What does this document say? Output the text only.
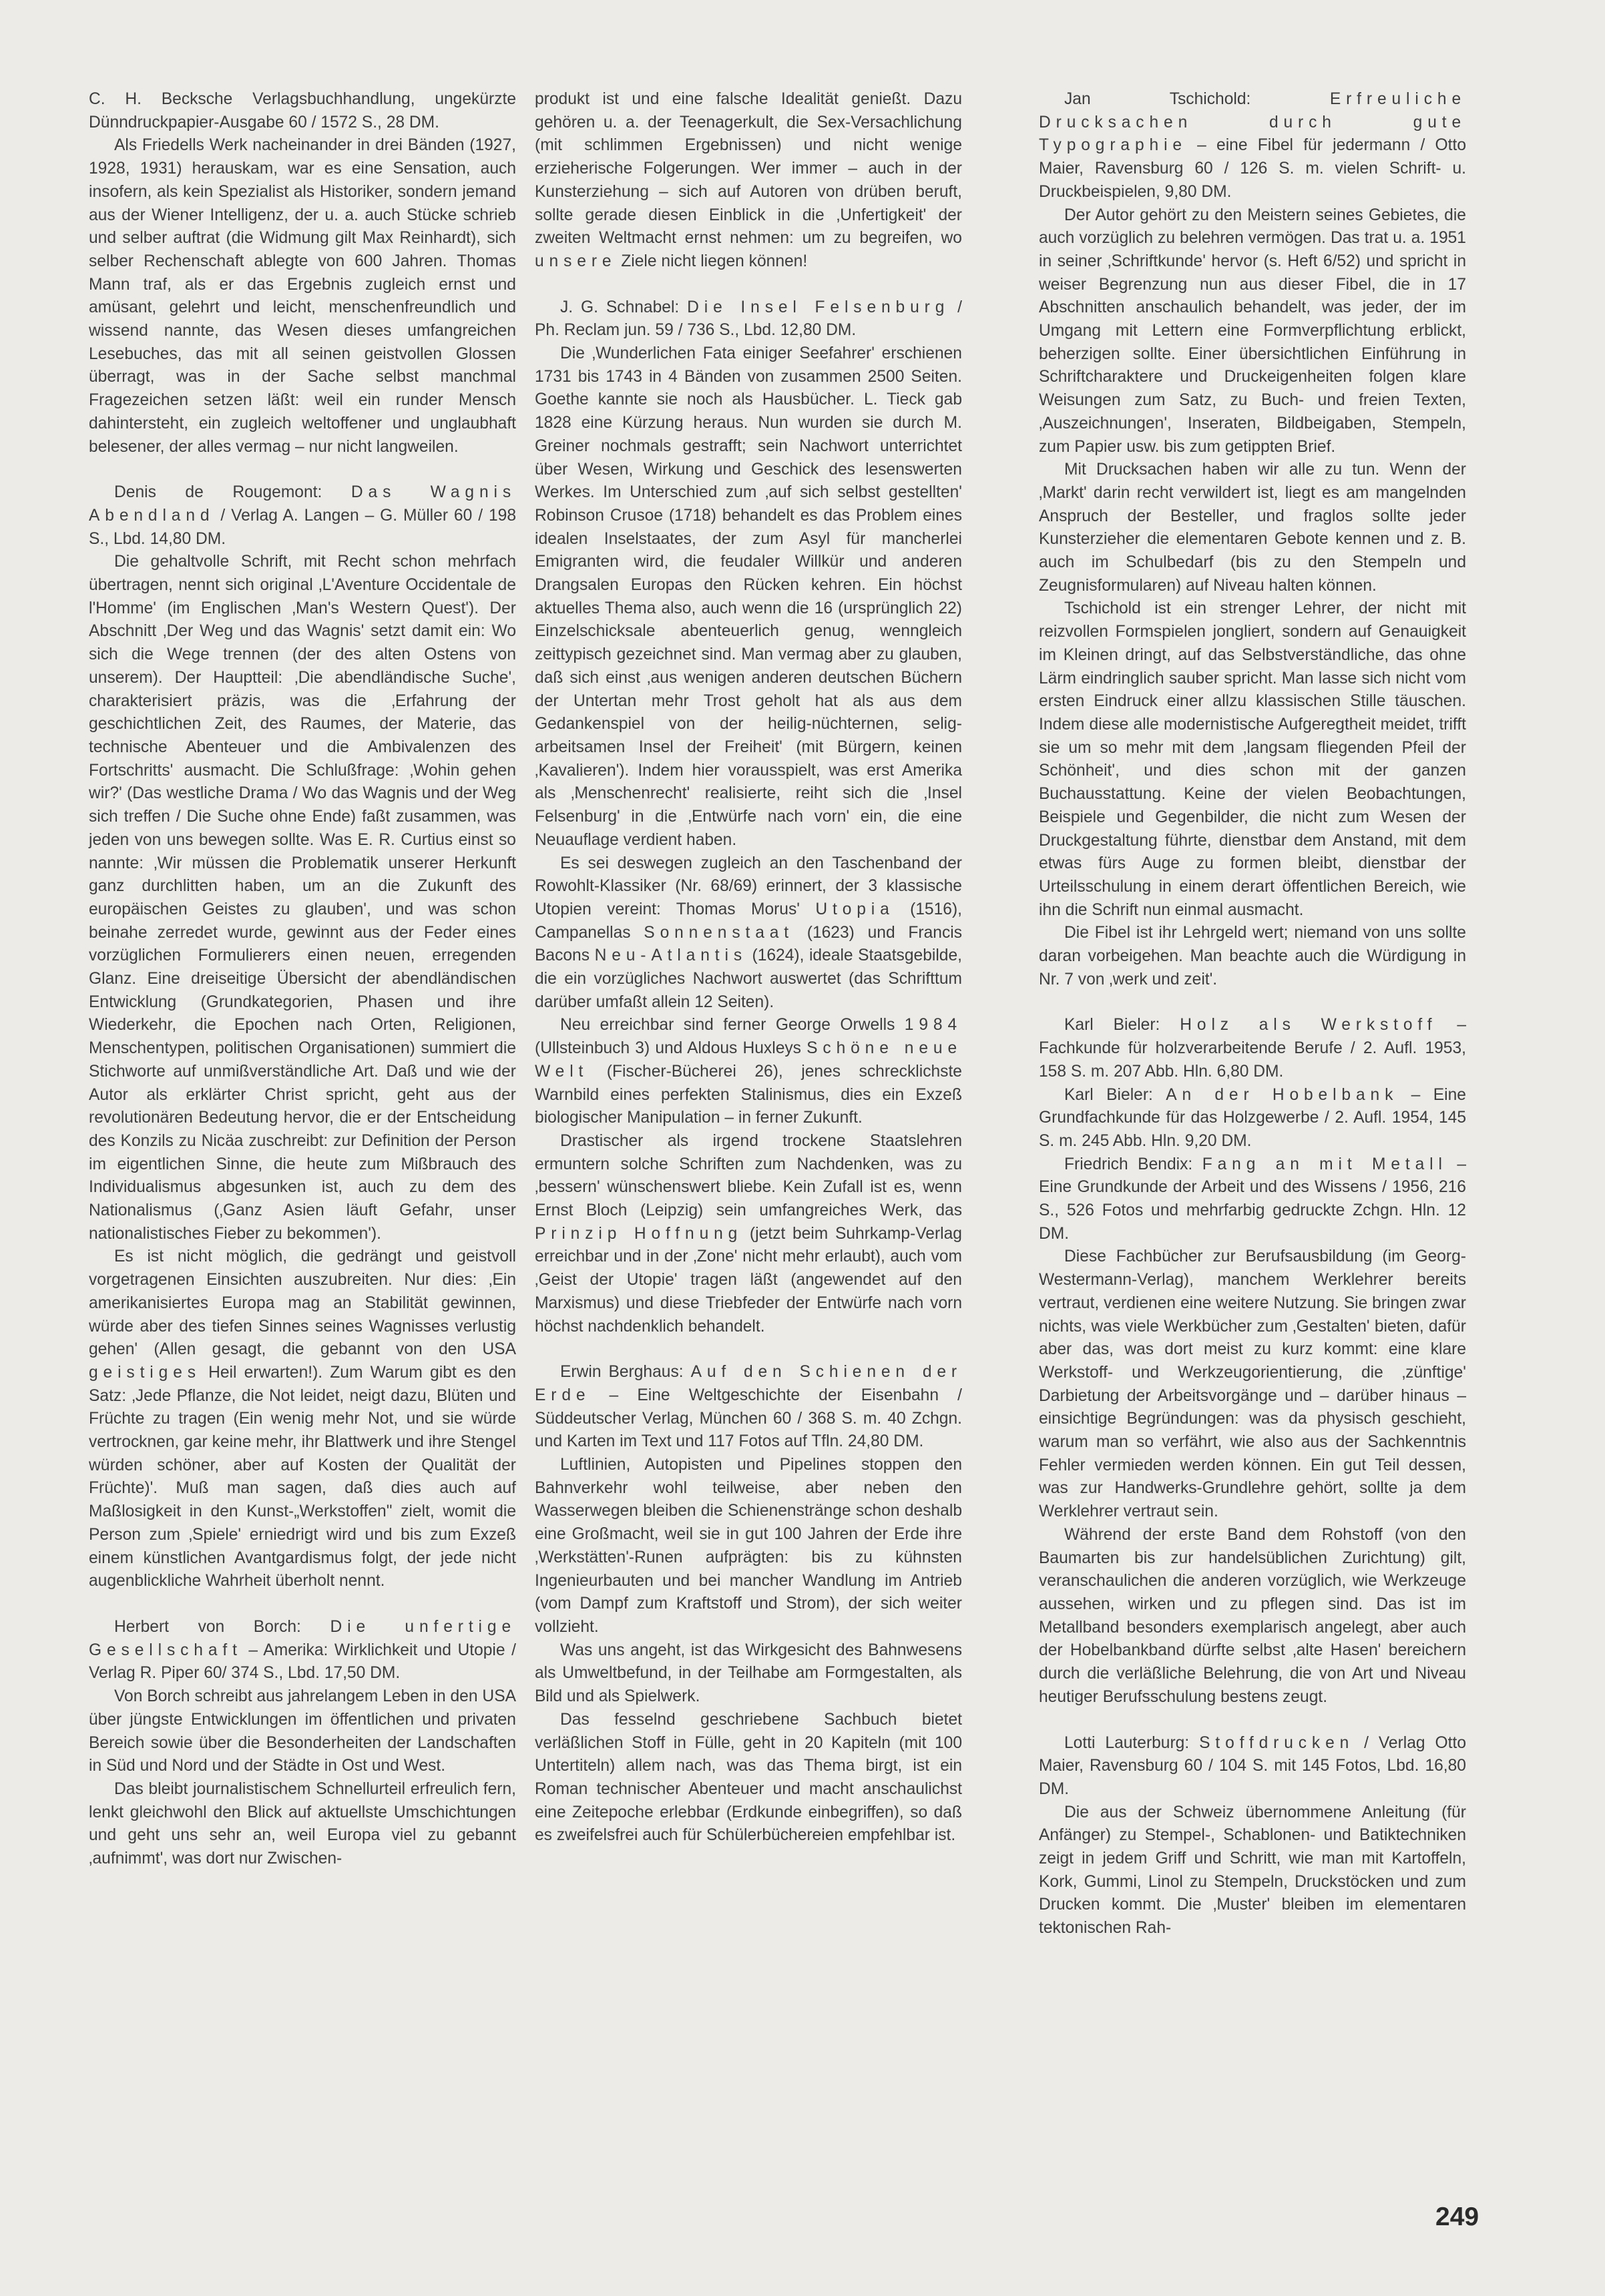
C. H. Becksche Verlagsbuchhandlung, ungekürzte Dünndruckpapier-Ausgabe 60 / 1572 S., 28 DM.

Als Friedells Werk nacheinander in drei Bänden (1927, 1928, 1931) herauskam, war es eine Sensation, auch insofern, als kein Spezialist als Historiker, sondern jemand aus der Wiener Intelligenz, der u. a. auch Stücke schrieb und selber auftrat (die Widmung gilt Max Reinhardt), sich selber Rechenschaft ablegte von 600 Jahren. Thomas Mann traf, als er das Ergebnis zugleich ernst und amüsant, gelehrt und leicht, menschenfreundlich und wissend nannte, das Wesen dieses umfangreichen Lesebuches, das mit all seinen geistvollen Glossen überragt, was in der Sache selbst manchmal Fragezeichen setzen läßt: weil ein runder Mensch dahintersteht, ein zugleich weltoffener und unglaubhaft belesener, der alles vermag – nur nicht langweilen.

Denis de Rougemont: Das Wagnis Abendland / Verlag A. Langen – G. Müller 60 / 198 S., Lbd. 14,80 DM.

Die gehaltvolle Schrift, mit Recht schon mehrfach übertragen, nennt sich original ‚L'Aventure Occidentale de l'Homme' (im Englischen ‚Man's Western Quest'). Der Abschnitt ‚Der Weg und das Wagnis' setzt damit ein: Wo sich die Wege trennen (der des alten Ostens von unserem). Der Hauptteil: ‚Die abendländische Suche', charakterisiert präzis, was die ‚Erfahrung der geschichtlichen Zeit, des Raumes, der Materie, das technische Abenteuer und die Ambivalenzen des Fortschritts' ausmacht. Die Schlußfrage: ‚Wohin gehen wir?' (Das westliche Drama / Wo das Wagnis und der Weg sich treffen / Die Suche ohne Ende) faßt zusammen, was jeden von uns bewegen sollte. Was E. R. Curtius einst so nannte: ‚Wir müssen die Problematik unserer Herkunft ganz durchlitten haben, um an die Zukunft des europäischen Geistes zu glauben', und was schon beinahe zerredet wurde, gewinnt aus der Feder eines vorzüglichen Formulierers einen neuen, erregenden Glanz. Eine dreiseitige Übersicht der abendländischen Entwicklung (Grundkategorien, Phasen und ihre Wiederkehr, die Epochen nach Orten, Religionen, Menschentypen, politischen Organisationen) summiert die Stichworte auf unmißverständliche Art. Daß und wie der Autor als erklärter Christ spricht, geht aus der revolutionären Bedeutung hervor, die er der Entscheidung des Konzils zu Nicäa zuschreibt: zur Definition der Person im eigentlichen Sinne, die heute zum Mißbrauch des Individualismus abgesunken ist, auch zu dem des Nationalismus (‚Ganz Asien läuft Gefahr, unser nationalistisches Fieber zu bekommen').

Es ist nicht möglich, die gedrängt und geistvoll vorgetragenen Einsichten auszubreiten. Nur dies: ‚Ein amerikanisiertes Europa mag an Stabilität gewinnen, würde aber des tiefen Sinnes seines Wagnisses verlustig gehen' (Allen gesagt, die gebannt von den USA geistiges Heil erwarten!). Zum Warum gibt es den Satz: ‚Jede Pflanze, die Not leidet, neigt dazu, Blüten und Früchte zu tragen (Ein wenig mehr Not, und sie würde vertrocknen, gar keine mehr, ihr Blattwerk und ihre Stengel würden schöner, aber auf Kosten der Qualität der Früchte)'. Muß man sagen, daß dies auch auf Maßlosigkeit in den Kunst-„Werkstoffen" zielt, womit die Person zum ‚Spiele' erniedrigt wird und bis zum Exzeß einem künstlichen Avantgardismus folgt, der jede nicht augenblickliche Wahrheit überholt nennt.

Herbert von Borch: Die unfertige Gesellschaft – Amerika: Wirklichkeit und Utopie / Verlag R. Piper 60/ 374 S., Lbd. 17,50 DM.

Von Borch schreibt aus jahrelangem Leben in den USA über jüngste Entwicklungen im öffentlichen und privaten Bereich sowie über die Besonderheiten der Landschaften in Süd und Nord und der Städte in Ost und West.

Das bleibt journalistischem Schnellurteil erfreulich fern, lenkt gleichwohl den Blick auf aktuellste Umschichtungen und geht uns sehr an, weil Europa viel zu gebannt ‚aufnimmt', was dort nur Zwischen-

produkt ist und eine falsche Idealität genießt. Dazu gehören u. a. der Teenagerkult, die Sex-Versachlichung (mit schlimmen Ergebnissen) und nicht wenige erzieherische Folgerungen. Wer immer – auch in der Kunsterziehung – sich auf Autoren von drüben beruft, sollte gerade diesen Einblick in die ‚Unfertigkeit' der zweiten Weltmacht ernst nehmen: um zu begreifen, wo unsere Ziele nicht liegen können!

J. G. Schnabel: Die Insel Felsenburg / Ph. Reclam jun. 59 / 736 S., Lbd. 12,80 DM.

Die ‚Wunderlichen Fata einiger Seefahrer' erschienen 1731 bis 1743 in 4 Bänden von zusammen 2500 Seiten. Goethe kannte sie noch als Hausbücher. L. Tieck gab 1828 eine Kürzung heraus. Nun wurden sie durch M. Greiner nochmals gestrafft; sein Nachwort unterrichtet über Wesen, Wirkung und Geschick des lesenswerten Werkes. Im Unterschied zum ‚auf sich selbst gestellten' Robinson Crusoe (1718) behandelt es das Problem eines idealen Inselstaates, der zum Asyl für mancherlei Emigranten wird, die feudaler Willkür und anderen Drangsalen Europas den Rücken kehren. Ein höchst aktuelles Thema also, auch wenn die 16 (ursprünglich 22) Einzelschicksale abenteuerlich genug, wenngleich zeittypisch gezeichnet sind. Man vermag aber zu glauben, daß sich einst ‚aus wenigen anderen deutschen Büchern der Untertan mehr Trost geholt hat als aus dem Gedankenspiel von der heilig-nüchternen, selig-arbeitsamen Insel der Freiheit' (mit Bürgern, keinen ‚Kavalieren'). Indem hier vorausspielt, was erst Amerika als ‚Menschenrecht' realisierte, reiht sich die ‚Insel Felsenburg' in die ‚Entwürfe nach vorn' ein, die eine Neuauflage verdient haben.

Es sei deswegen zugleich an den Taschenband der Rowohlt-Klassiker (Nr. 68/69) erinnert, der 3 klassische Utopien vereint: Thomas Morus' Utopia (1516), Campanellas Sonnenstaat (1623) und Francis Bacons Neu-Atlantis (1624), ideale Staatsgebilde, die ein vorzügliches Nachwort auswertet (das Schrifttum darüber umfaßt allein 12 Seiten).

Neu erreichbar sind ferner George Orwells 1984 (Ullsteinbuch 3) und Aldous Huxleys Schöne neue Welt (Fischer-Bücherei 26), jenes schrecklichste Warnbild eines perfekten Stalinismus, dies ein Exzeß biologischer Manipulation – in ferner Zukunft.

Drastischer als irgend trockene Staatslehren ermuntern solche Schriften zum Nachdenken, was zu ‚bessern' wünschenswert bliebe. Kein Zufall ist es, wenn Ernst Bloch (Leipzig) sein umfangreiches Werk, das Prinzip Hoffnung (jetzt beim Suhrkamp-Verlag erreichbar und in der ‚Zone' nicht mehr erlaubt), auch vom ‚Geist der Utopie' tragen läßt (angewendet auf den Marxismus) und diese Triebfeder der Entwürfe nach vorn höchst nachdenklich behandelt.

Erwin Berghaus: Auf den Schienen der Erde – Eine Weltgeschichte der Eisenbahn / Süddeutscher Verlag, München 60 / 368 S. m. 40 Zchgn. und Karten im Text und 117 Fotos auf Tfln. 24,80 DM.

Luftlinien, Autopisten und Pipelines stoppen den Bahnverkehr wohl teilweise, aber neben den Wasserwegen bleiben die Schienenstränge schon deshalb eine Großmacht, weil sie in gut 100 Jahren der Erde ihre ‚Werkstätten'-Runen aufprägten: bis zu kühnsten Ingenieurbauten und bei mancher Wandlung im Antrieb (vom Dampf zum Kraftstoff und Strom), der sich weiter vollzieht.

Was uns angeht, ist das Wirkgesicht des Bahnwesens als Umweltbefund, in der Teilhabe am Formgestalten, als Bild und als Spielwerk.

Das fesselnd geschriebene Sachbuch bietet verläßlichen Stoff in Fülle, geht in 20 Kapiteln (mit 100 Untertiteln) allem nach, was das Thema birgt, ist ein Roman technischer Abenteuer und macht anschaulichst eine Zeitepoche erlebbar (Erdkunde einbegriffen), so daß es zweifelsfrei auch für Schülerbüchereien empfehlbar ist.

Jan Tschichold: Erfreuliche Drucksachen durch gute Typographie – eine Fibel für jedermann / Otto Maier, Ravensburg 60 / 126 S. m. vielen Schrift- u. Druckbeispielen, 9,80 DM.

Der Autor gehört zu den Meistern seines Gebietes, die auch vorzüglich zu belehren vermögen. Das trat u. a. 1951 in seiner ‚Schriftkunde' hervor (s. Heft 6/52) und spricht in weiser Begrenzung nun aus dieser Fibel, die in 17 Abschnitten anschaulich behandelt, was jeder, der im Umgang mit Lettern eine Formverpflichtung erblickt, beherzigen sollte. Einer übersichtlichen Einführung in Schriftcharaktere und Druckeigenheiten folgen klare Weisungen zum Satz, zu Buch- und freien Texten, ‚Auszeichnungen', Inseraten, Bildbeigaben, Stempeln, zum Papier usw. bis zum getippten Brief.

Mit Drucksachen haben wir alle zu tun. Wenn der ‚Markt' darin recht verwildert ist, liegt es am mangelnden Anspruch der Besteller, und fraglos sollte jeder Kunsterzieher die elementaren Gebote kennen und z. B. auch im Schulbedarf (bis zu den Stempeln und Zeugnisformularen) auf Niveau halten können.

Tschichold ist ein strenger Lehrer, der nicht mit reizvollen Formspielen jongliert, sondern auf Genauigkeit im Kleinen dringt, auf das Selbstverständliche, das ohne Lärm eindringlich sauber spricht. Man lasse sich nicht vom ersten Eindruck einer allzu klassischen Stille täuschen. Indem diese alle modernistische Aufgeregtheit meidet, trifft sie um so mehr mit dem ‚langsam fliegenden Pfeil der Schönheit', und dies schon mit der ganzen Buchausstattung. Keine der vielen Beobachtungen, Beispiele und Gegenbilder, die nicht zum Wesen der Druckgestaltung führte, dienstbar dem Anstand, mit dem etwas fürs Auge zu formen bleibt, dienstbar der Urteilsschulung in einem derart öffentlichen Bereich, wie ihn die Schrift nun einmal ausmacht.

Die Fibel ist ihr Lehrgeld wert; niemand von uns sollte daran vorbeigehen. Man beachte auch die Würdigung in Nr. 7 von ‚werk und zeit'.

Karl Bieler: Holz als Werkstoff – Fachkunde für holzverarbeitende Berufe / 2. Aufl. 1953, 158 S. m. 207 Abb. Hln. 6,80 DM.

Karl Bieler: An der Hobelbank – Eine Grundfachkunde für das Holzgewerbe / 2. Aufl. 1954, 145 S. m. 245 Abb. Hln. 9,20 DM.

Friedrich Bendix: Fang an mit Metall – Eine Grundkunde der Arbeit und des Wissens / 1956, 216 S., 526 Fotos und mehrfarbig gedruckte Zchgn. Hln. 12 DM.

Diese Fachbücher zur Berufsausbildung (im Georg-Westermann-Verlag), manchem Werklehrer bereits vertraut, verdienen eine weitere Nutzung. Sie bringen zwar nichts, was viele Werkbücher zum ‚Gestalten' bieten, dafür aber das, was dort meist zu kurz kommt: eine klare Werkstoff- und Werkzeugorientierung, die ‚zünftige' Darbietung der Arbeitsvorgänge und – darüber hinaus – einsichtige Begründungen: was da physisch geschieht, warum man so verfährt, wie also aus der Sachkenntnis Fehler vermieden werden können. Ein gut Teil dessen, was zur Handwerks-Grundlehre gehört, sollte ja dem Werklehrer vertraut sein.

Während der erste Band dem Rohstoff (von den Baumarten bis zur handelsüblichen Zurichtung) gilt, veranschaulichen die anderen vorzüglich, wie Werkzeuge aussehen, wirken und zu pflegen sind. Das ist im Metallband besonders exemplarisch angelegt, aber auch der Hobelbankband dürfte selbst ‚alte Hasen' bereichern durch die verläßliche Belehrung, die von Art und Niveau heutiger Berufsschulung bestens zeugt.

Lotti Lauterburg: Stoffdrucken / Verlag Otto Maier, Ravensburg 60 / 104 S. mit 145 Fotos, Lbd. 16,80 DM.

Die aus der Schweiz übernommene Anleitung (für Anfänger) zu Stempel-, Schablonen- und Batiktechniken zeigt in jedem Griff und Schritt, wie man mit Kartoffeln, Kork, Gummi, Linol zu Stempeln, Druckstöcken und zum Drucken kommt. Die ‚Muster' bleiben im elementaren tektonischen Rah-

249
